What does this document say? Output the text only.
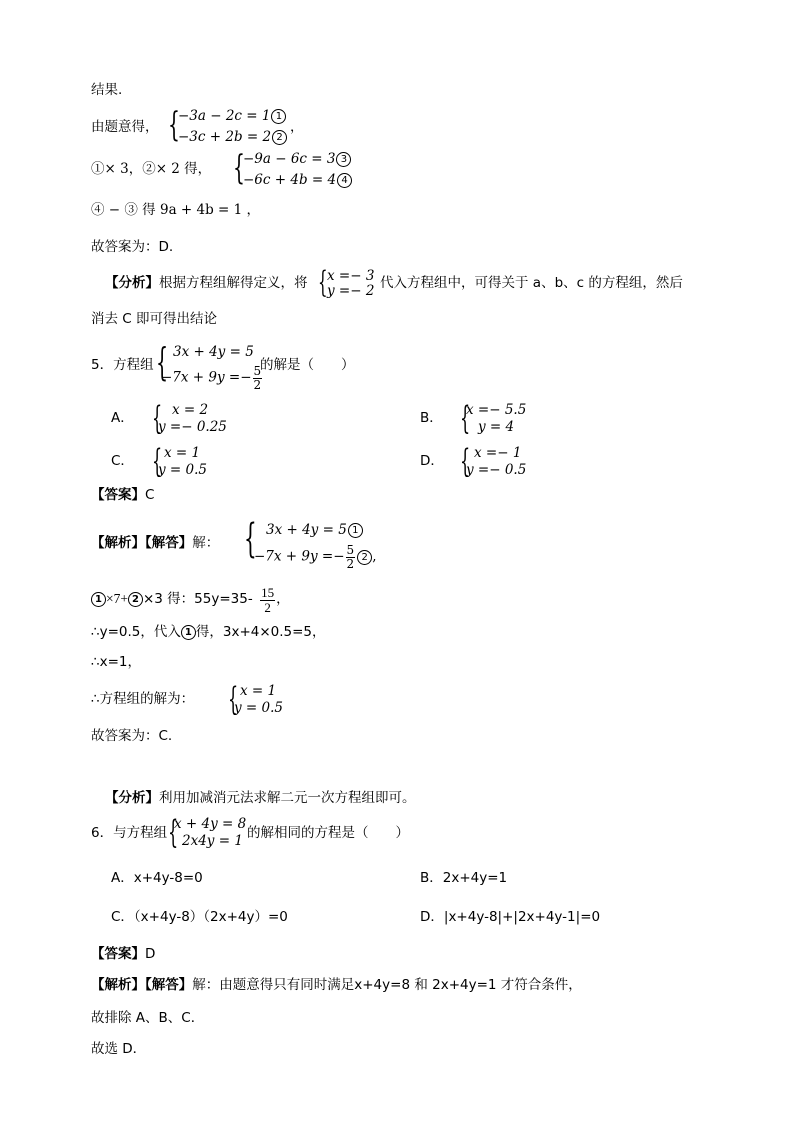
结果.
由题意得， {
−3a − 2c = 1 1
−3c + 2b = 2 2
，
①× 3，②× 2 得， {
−9a − 6c = 3 3
−6c + 4b = 4 4
④ − ③ 得 9a + 4b = 1 ，
故答案为：D.
【分析】根据方程组解得定义，将 { x =− 3
y =− 2 代入方程组中，可得关于 a、b、c 的方程组，然后
消去 C 即可得出结论
5．方程组 { 3x + 4y = 5
$-7x + 9y =- \frac{5}{2}$
的解是（　　）
A． { x = 2
y =− 0.25
B． {
x =− 5.5
y = 4
C． { x = 1
y = 0.5
D． { x =− 1
y =− 0.5
【答案】C
【解析】【解答】解： { 3x + 4y = 5 1
$-7x + 9y =- \frac{5}{2} 2$ ,
1 ×7+ 2 ×3 得：$55y=35- \frac{15}{2}$ ，
∴y=0.5，代入 1 得，3x+4×0.5=5，
∴x=1，
∴方程组的解为： { x = 1
y = 0.5
故答案为：C.
【分析】利用加减消元法求解二元一次方程组即可。
6．与方程组 {
x + 4y = 8
2x4y = 1 的解相同的方程是（　　）
A．x+4y-8=0	B．2x+4y=1
C．（x+4y-8）（2x+4y）=0	D．|x+4y-8|+|2x+4y-1|=0
【答案】D
【解析】【解答】解：由题意得只有同时满足x+4y=8 和 2x+4y=1 才符合条件，
故排除 A、B、C．
故选 D．
